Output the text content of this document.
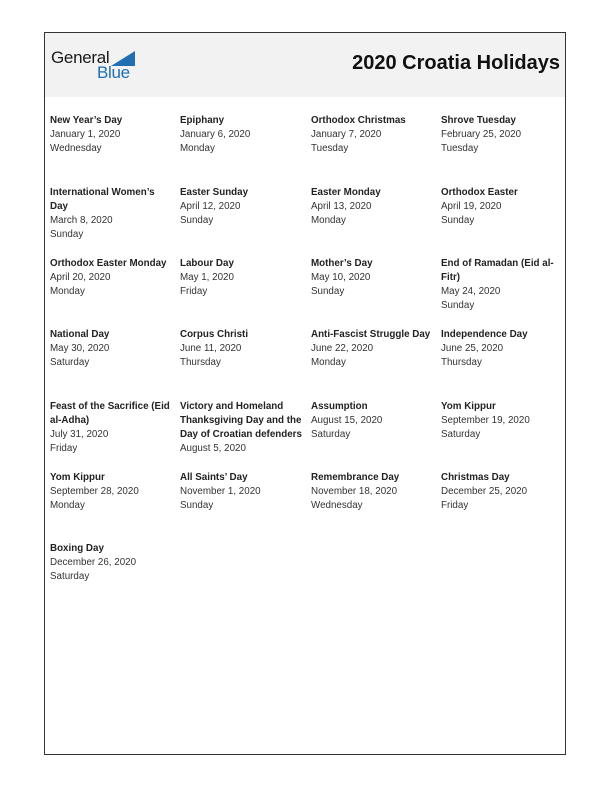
General
Blue	2020 Croatia Holidays
New Year’s Day
January 1, 2020
Wednesday
Epiphany
January 6, 2020
Monday
Orthodox Christmas
January 7, 2020
Tuesday
Shrove Tuesday
February 25, 2020
Tuesday
International Women’s Day
March 8, 2020
Sunday
Easter Sunday
April 12, 2020
Sunday
Easter Monday
April 13, 2020
Monday
Orthodox Easter
April 19, 2020
Sunday
Orthodox Easter Monday
April 20, 2020
Monday
Labour Day
May 1, 2020
Friday
Mother’s Day
May 10, 2020
Sunday
End of Ramadan (Eid al-Fitr)
May 24, 2020
Sunday
National Day
May 30, 2020
Saturday
Corpus Christi
June 11, 2020
Thursday
Anti-Fascist Struggle Day
June 22, 2020
Monday
Independence Day
June 25, 2020
Thursday
Feast of the Sacrifice (Eid al-Adha)
July 31, 2020
Friday
Victory and Homeland Thanksgiving Day and the Day of Croatian defenders
August 5, 2020
Assumption
August 15, 2020
Saturday
Yom Kippur
September 19, 2020
Saturday
Yom Kippur
September 28, 2020
Monday
All Saints’ Day
November 1, 2020
Sunday
Remembrance Day
November 18, 2020
Wednesday
Christmas Day
December 25, 2020
Friday
Boxing Day
December 26, 2020
Saturday
